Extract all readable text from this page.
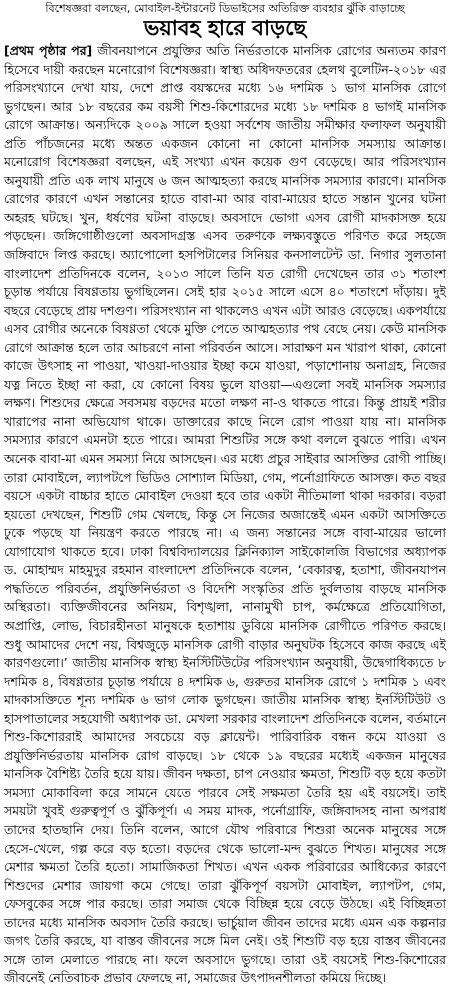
বিশেষজ্ঞরা বলছেন, মোবাইল-ইন্টারনেট ডিভাইসের অতিরিক্ত ব্যবহার ঝুঁকি বাড়াচ্ছে
ভয়াবহ হারে বাড়ছে

[প্রথম পৃষ্ঠার পর] জীবনযাপনে প্রযুক্তির অতি নির্ভরতাকে মানসিক রোগের অন্যতম কারণ হিসেবে দায়ী করছেন মনোরোগ বিশেষজ্ঞরা। স্বাস্থ্য অধিদফতরের হেলথ বুলেটিন-২০১৮ এর পরিসংখ্যানে দেখা যায়, দেশে প্রাপ্ত বয়স্কদের মধ্যে ১৬ দশমিক ১ ভাগ মানসিক রোগে ভুগছেন। আর ১৮ বছরের কম বয়সী শিশু-কিশোরদের মধ্যে ১৮ দশমিক ৪ ভাগই মানসিক রোগে আক্রান্ত। অন্যদিকে ২০০৯ সালে হওয়া সর্বশেষ জাতীয় সমীক্ষার ফলাফল অনুযায়ী প্রতি পাঁচজনের মধ্যে অন্তত একজন কোনো না কোনো মানসিক সমস্যায় আক্রান্ত। মনোরোগ বিশেষজ্ঞরা বলছেন, এই সংখ্যা এখন কয়েক গুণ বেড়েছে। আর পরিসংখ্যান অনুযায়ী প্রতি এক লাখ মানুষে ৬ জন আত্মহত্যা করছে মানসিক সমস্যার কারণে। মানসিক রোগের কারণে এখন সন্তানের হাতে বাবা-মা আর বাবা-মায়ের হাতে সন্তান খুনের ঘটনা অহরহ ঘটছে। খুন, ধর্ষণের ঘটনা বাড়ছে। অবসাদে ভোগা এসব রোগী মাদকাসক্ত হয়ে পড়ছেন। জঙ্গিগোষ্ঠীগুলো অবসাদগ্রস্ত এসব তরুণকে লক্ষ্যবস্তুতে পরিণত করে সহজে জঙ্গিবাদে লিপ্ত করছে। অ্যাপোলো হসপিটালের সিনিয়র কনসালটেন্ট ডা. নিগার সুলতানা বাংলাদেশ প্রতিদিনকে বলেন, ২০১৩ সালে তিনি যত রোগী দেখেছেন তার ৩১ শতাংশ চূড়ান্ত পর্যায়ে বিষণ্ণতায় ভুগছিলেন। সেই হার ২০১৫ সালে এসে ৪০ শতাংশে দাঁড়ায়। দুই বছরে বেড়েছে প্রায় দশগুণ। পরিসংখ্যান না থাকলেও এখন এটা আরও বেড়েছে। একপর্যায়ে এসব রোগীর অনেকে বিষণ্ণতা থেকে মুক্তি পেতে আত্মহত্যার পথ বেছে নেয়। কেউ মানসিক রোগে আক্রান্ত হলে তার আচরণে নানা পরিবর্তন আসে। সারাক্ষণ মন খারাপ থাকা, কোনো কাজে উৎসাহ না পাওয়া, খাওয়া-দাওয়ার ইচ্ছা কমে যাওয়া, পড়াশোনায় অনাগ্রহ, নিজের যত্ন নিতে ইচ্ছা না করা, যে কোনো বিষয় ভুলে যাওয়া—এগুলো সবই মানসিক সমস্যার লক্ষণ। শিশুদের ক্ষেত্রে সবসময় বড়দের মতো লক্ষণ না-ও থাকতে পারে। কিন্তু প্রায়ই শরীর খারাপের নানা অভিযোগ থাকে। ডাক্তারের কাছে নিলে রোগ পাওয়া যায় না। মানসিক সমস্যার কারণে এমনটা হতে পারে। আমরা শিশুটির সঙ্গে কথা বললে বুঝতে পারি। এখন অনেক বাবা-মা এমন সমস্যা নিয়ে আসছেন। এর মধ্যে প্রচুর সাইবার আসক্তির রোগী পাচ্ছি। তারা মোবাইলে, ল্যাপটপে ভিডিও সোশ্যাল মিডিয়া, গেম, পর্নোগ্রাফিতে আসক্ত। কত বছর বয়সে একটা বাচ্চার হাতে মোবাইল দেওয়া হবে তার একটা নীতিমালা থাকা দরকার। বড়রা হয়তো দেখছেন, শিশুটি গেম খেলছে, কিন্তু সে নিজের অজান্তেই এমন একটা আসক্তিতে ঢুকে পড়ছে যা নিয়ন্ত্রণ করতে পারছে না। এ জন্য সন্তানের সঙ্গে বাবা-মায়ের ভালো যোগাযোগ থাকতে হবে। ঢাকা বিশ্ববিদ্যালয়ের ক্লিনিক্যাল সাইকোলজি বিভাগের অধ্যাপক ড. মোহাম্মদ মাহমুদুর রহমান বাংলাদেশ প্রতিদিনকে বলেন, ‘বেকারত্ব, হতাশা, জীবনযাপন পদ্ধতিতে পরিবর্তন, প্রযুক্তিনির্ভরতা ও বিদেশি সংস্কৃতির প্রতি দুর্বলতায় বাড়ছে মানসিক অস্থিরতা। ব্যক্তিজীবনের অনিয়ম, বিশৃঙ্খলা, নানামুখী চাপ, কর্মক্ষেত্রে প্রতিযোগিতা, অপ্রাপ্তি, লোভ, বিচারহীনতা মানুষকে হতাশায় ডুবিয়ে মানসিক রোগীতে পরিণত করছে। শুধু আমাদের দেশে নয়, বিশ্বজুড়ে মানসিক রোগী বাড়ার অনুঘটক হিসেবে কাজ করছে এই কারণগুলো।’ জাতীয় মানসিক স্বাস্থ্য ইনস্টিটিউটের পরিসংখ্যান অনুযায়ী, উদ্বেগাধিক্যতে ৮ দশমিক ৪, বিষণ্ণতার চূড়ান্ত পর্যায়ে ৪ দশমিক ৬, গুরুতর মানসিক রোগে ১ দশমিক ১ এবং মাদকাসক্তিতে শূন্য দশমিক ৬ ভাগ লোক ভুগছেন। জাতীয় মানসিক স্বাস্থ্য ইনস্টিটিউট ও হাসপাতালের সহযোগী অধ্যাপক ডা. মেখলা সরকার বাংলাদেশ প্রতিদিনকে বলেন, বর্তমানে শিশু-কিশোররাই আমাদের সবচেয়ে বড় ক্লায়েন্ট। পারিবারিক বন্ধন কমে যাওয়া ও প্রযুক্তিনির্ভরতায় মানসিক রোগ বাড়ছে। ১৮ থেকে ১৯ বছরের মধ্যেই একজন মানুষের মানসিক বৈশিষ্ট্য তৈরি হয়ে যায়। জীবন দক্ষতা, চাপ নেওয়ার ক্ষমতা, শিশুটি বড় হয়ে কতটা সমস্যা মোকাবিলা করে সামনে যেতে পারবে সেই সক্ষমতা তৈরি হয় এই বয়সেই। তাই সময়টা খুবই গুরুত্বপূর্ণ ও ঝুঁকিপূর্ণ। এ সময় মাদক, পর্নোগ্রাফি, জঙ্গিবাদসহ নানা অপরাধ তাদের হাতছানি দেয়। তিনি বলেন, আগে যৌথ পরিবারে শিশুরা অনেক মানুষের সঙ্গে হেসে-খেলে, গল্প করে বড় হতো। বড়দের থেকে ভালো-মন্দ বুঝতে শিখত। মানুষের সঙ্গে মেশার ক্ষমতা তৈরি হতো। সামাজিকতা শিখত। এখন একক পরিবারের আধিক্যের কারণে শিশুদের মেশার জায়গা কমে গেছে। তারা ঝুঁকিপূর্ণ বয়সটা মোবাইল, ল্যাপটপ, গেম, ফেসবুকের সঙ্গে পার করছে। তারা সমাজ থেকে বিচ্ছিন্ন হয়ে বেড়ে উঠছে। এই বিচ্ছিন্নতা তাদের মধ্যে মানসিক অবসাদ তৈরি করছে। ভার্চুয়াল জীবন তাদের মধ্যে এমন এক কল্পনার জগৎ তৈরি করছে, যা বাস্তব জীবনের সঙ্গে মিল নেই। ওই শিশুটি বড় হয়ে বাস্তব জীবনের সঙ্গে তাল মেলাতে পারছে না। ফলে অবসাদে ভুগছে। তারা ওই বয়সেই শিশু-কিশোরের জীবনেই নেতিবাচক প্রভাব ফেলছে না, সমাজের উৎপাদনশীলতা কমিয়ে দিচ্ছে।
